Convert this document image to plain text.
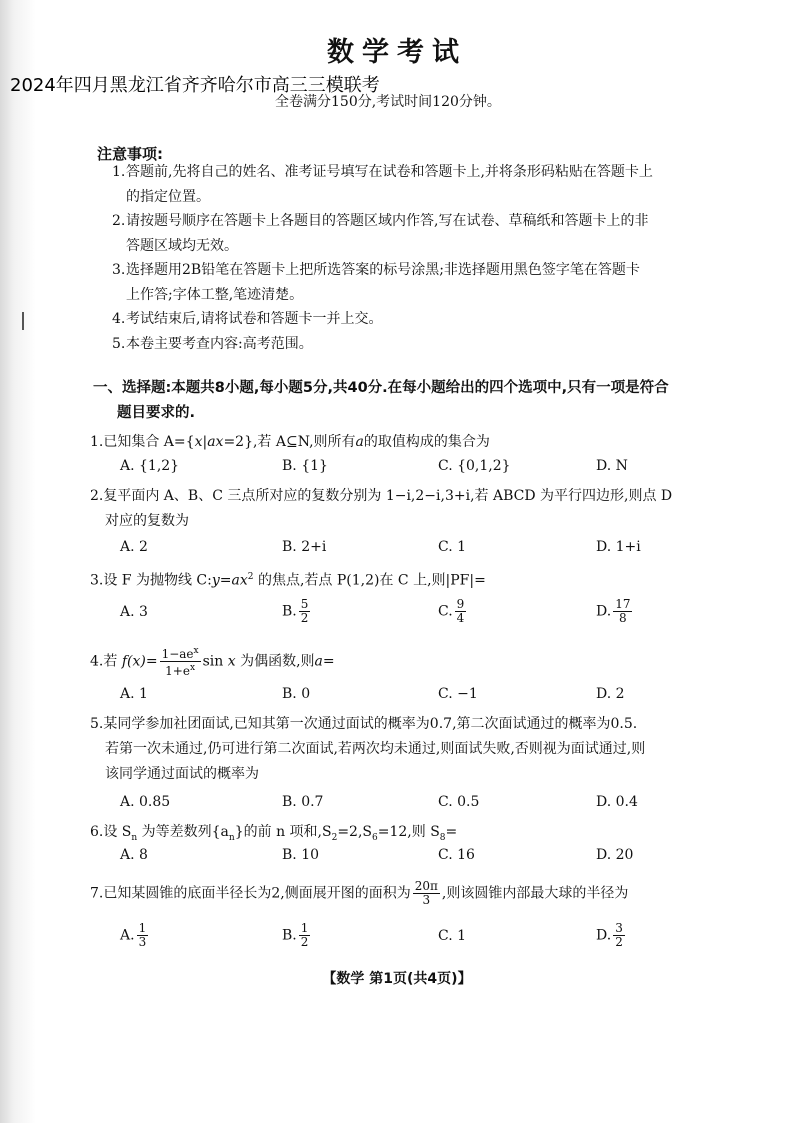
数学考试
2024年四月黑龙江省齐齐哈尔市高三三模联考
全卷满分150分,考试时间120分钟。
注意事项:

1.答题前,先将自己的姓名、准考证号填写在试卷和答题卡上,并将条形码粘贴在答题卡上
的指定位置。

2.请按题号顺序在答题卡上各题目的答题区域内作答,写在试卷、草稿纸和答题卡上的非
答题区域均无效。

3.选择题用2B铅笔在答题卡上把所选答案的标号涂黑;非选择题用黑色签字笔在答题卡
上作答;字体工整,笔迹清楚。

4.考试结束后,请将试卷和答题卡一并上交。

5.本卷主要考查内容:高考范围。

一、选择题:本题共8小题,每小题5分,共40分.在每小题给出的四个选项中,只有一项是符合
题目要求的.
1.已知集合 A={x|ax=2},若 A⊆N,则所有a的取值构成的集合为
A. {1,2}	B. {1}	C. {0,1,2}	D. N
2.复平面内 A、B、C 三点所对应的复数分别为 1−i,2−i,3+i,若 ABCD 为平行四边形,则点 D
对应的复数为
A. 2	B. 2+i	C. 1	D. 1+i
3.设 F 为抛物线 $C:y=ax^2$ 的焦点,若点 P(1,2)在 C 上,则|PF|=
A. 3	B. $\frac{5}{2}$	C. $\frac{9}{4}$	D. $\frac{17}{8}$
4.若 $f(x)= \frac{1-ae^x}{1+e^x}$ sin x 为偶函数,则a=
A. 1	B. 0	C. −1	D. 2
5.某同学参加社团面试,已知其第一次通过面试的概率为0.7,第二次面试通过的概率为0.5.
若第一次未通过,仍可进行第二次面试,若两次均未通过,则面试失败,否则视为面试通过,则
该同学通过面试的概率为
A. 0.85	B. 0.7	C. 0.5	D. 0.4
6.设 $S_n$ 为等差数列$\{a_n\}$的前 n 项和$,S_2=2,S_6=12$,则 $S_8=$
A. 8	B. 10	C. 16	D. 20
7.已知某圆锥的底面半径长为2,侧面展开图的面积为 $\frac{20\pi}{3}$ ,则该圆锥内部最大球的半径为
A. $\frac{1}{3}$	B. $\frac{1}{2}$	C. 1	D. $\frac{3}{2}$
【数学 第1页(共4页)】
